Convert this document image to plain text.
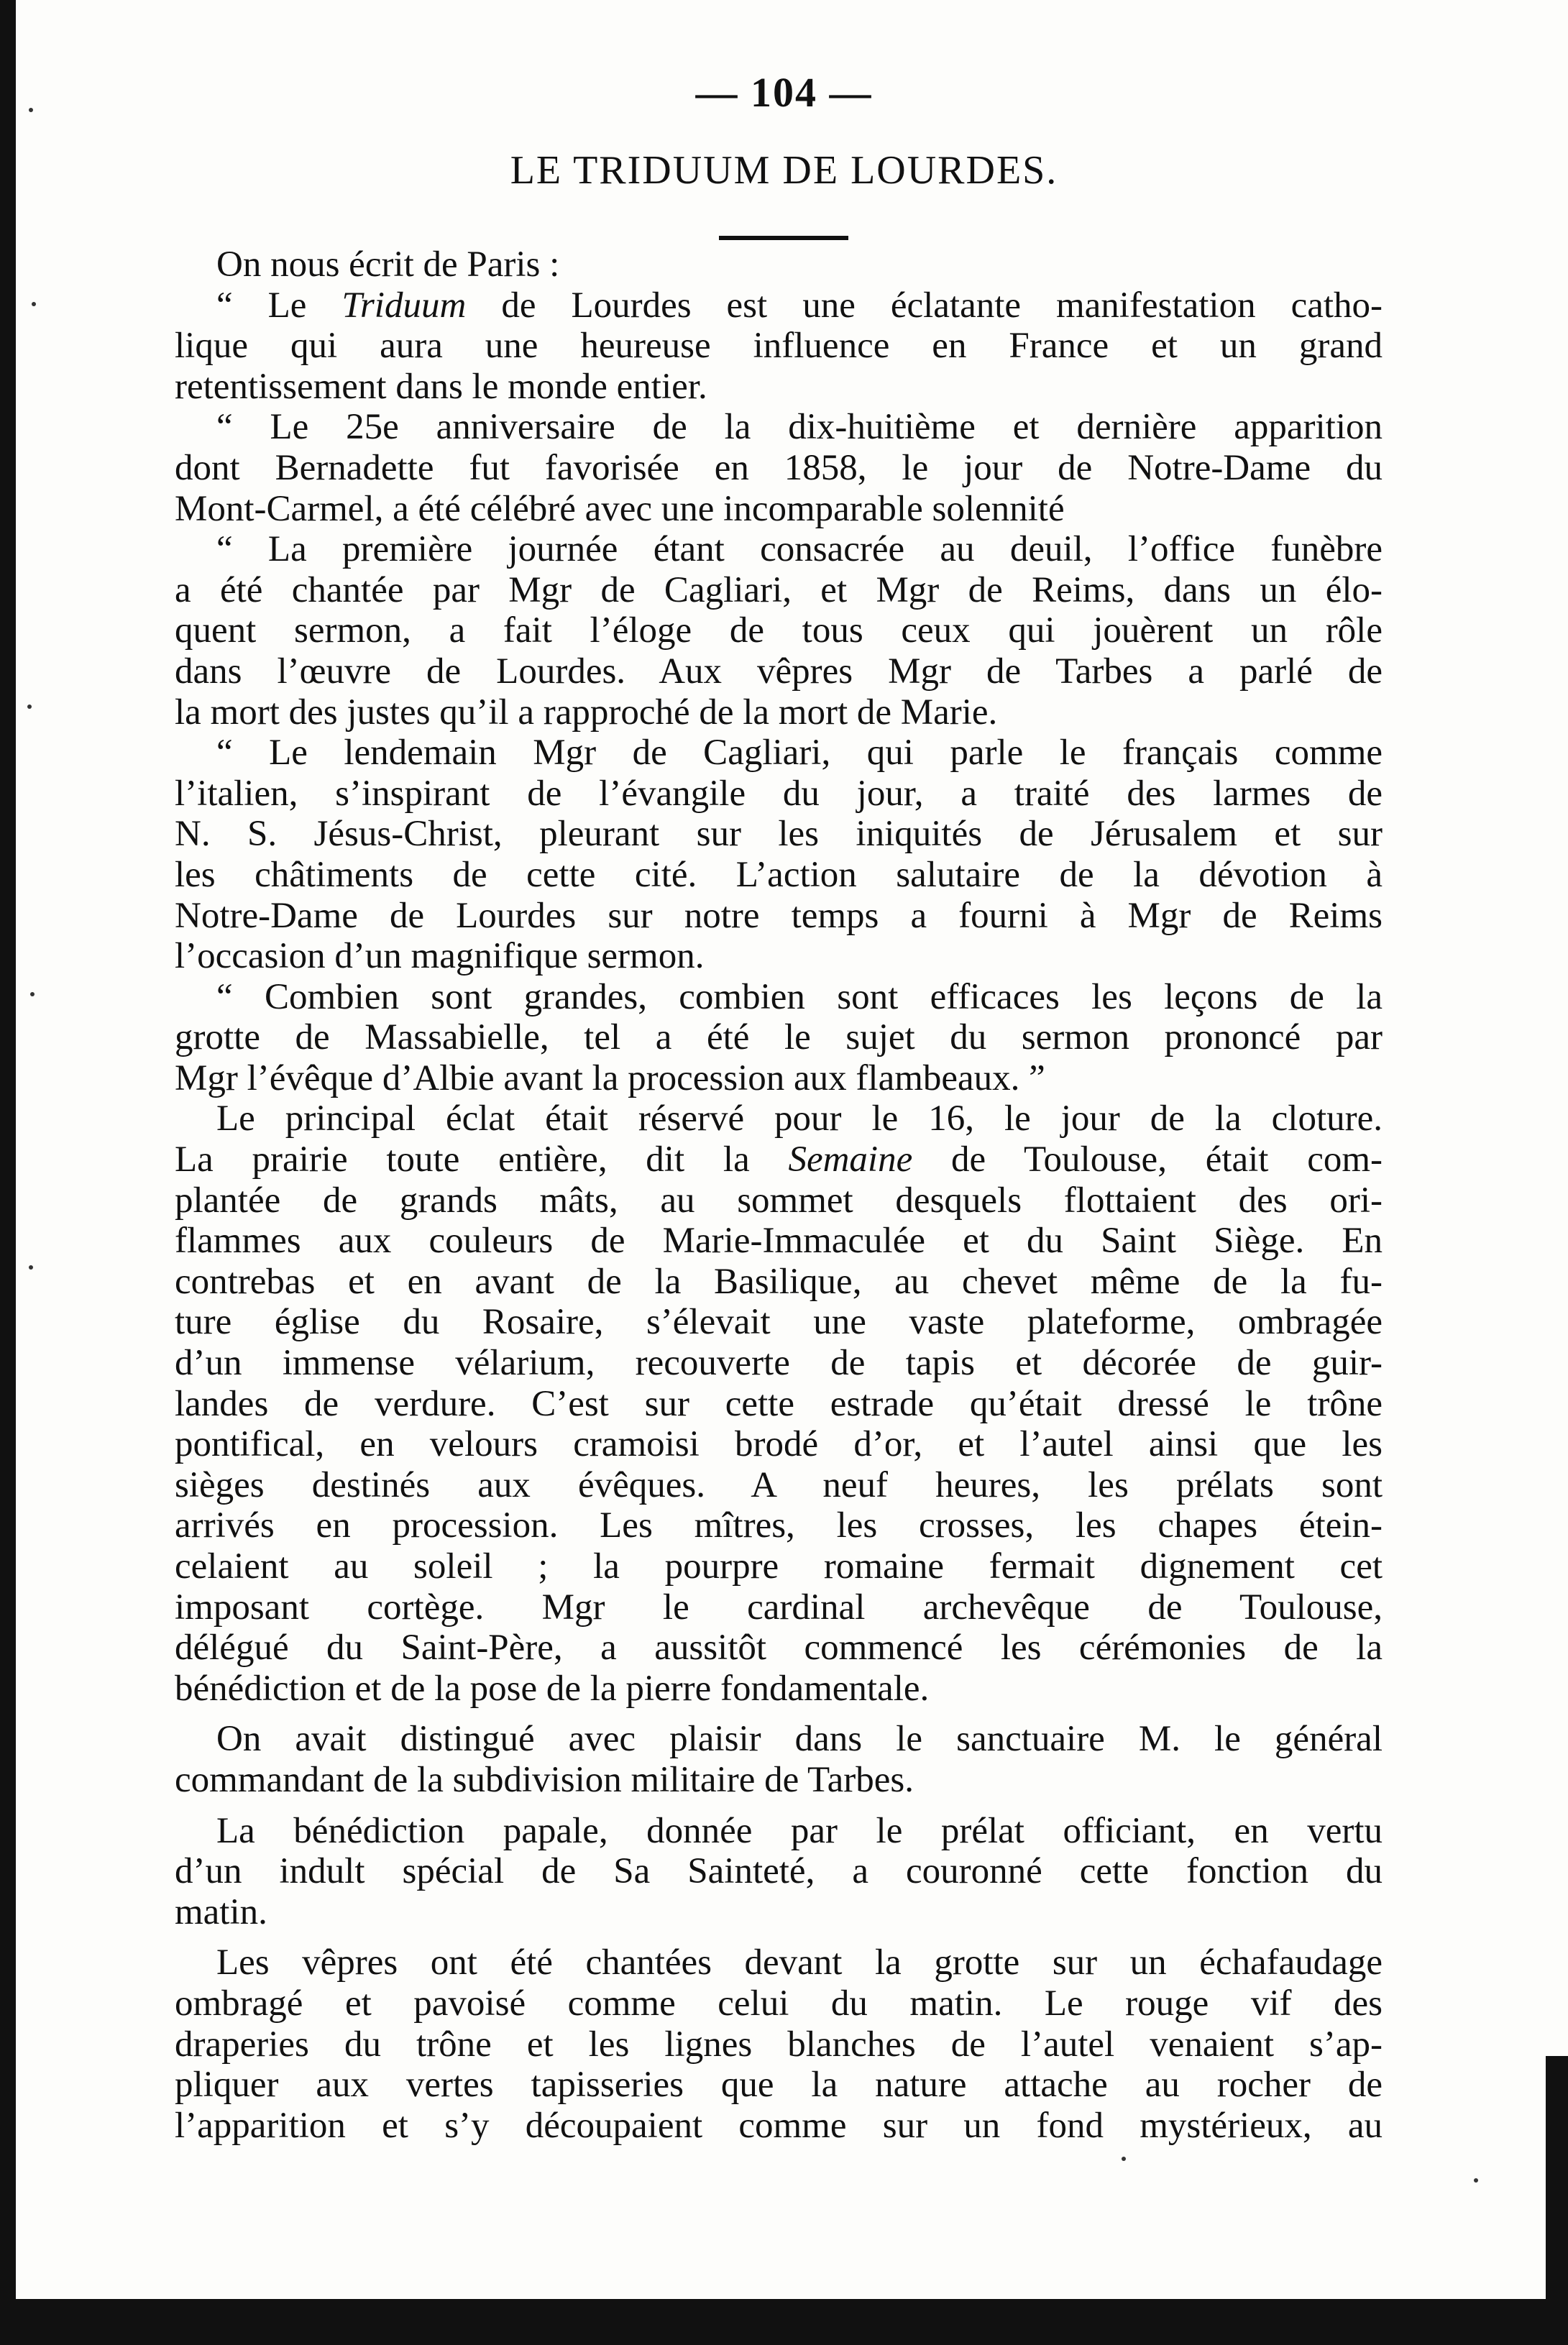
— 104 —
LE TRIDUUM DE LOURDES.

On nous écrit de Paris :

“ Le Triduum de Lourdes est une éclatante manifestation catho-
lique qui aura une heureuse influence en France et un grand
retentissement dans le monde entier.

“ Le 25e anniversaire de la dix-huitième et dernière apparition
dont Bernadette fut favorisée en 1858, le jour de Notre-Dame du
Mont-Carmel, a été célébré avec une incomparable solennité

“ La première journée étant consacrée au deuil, l’office funèbre
a été chantée par Mgr de Cagliari, et Mgr de Reims, dans un élo-
quent sermon, a fait l’éloge de tous ceux qui jouèrent un rôle
dans l’œuvre de Lourdes. Aux vêpres Mgr de Tarbes a parlé de
la mort des justes qu’il a rapproché de la mort de Marie.

“ Le lendemain Mgr de Cagliari, qui parle le français comme
l’italien, s’inspirant de l’évangile du jour, a traité des larmes de
N. S. Jésus-Christ, pleurant sur les iniquités de Jérusalem et sur
les châtiments de cette cité. L’action salutaire de la dévotion à
Notre-Dame de Lourdes sur notre temps a fourni à Mgr de Reims
l’occasion d’un magnifique sermon.

“ Combien sont grandes, combien sont efficaces les leçons de la
grotte de Massabielle, tel a été le sujet du sermon prononcé par
Mgr l’évêque d’Albie avant la procession aux flambeaux. ”

Le principal éclat était réservé pour le 16, le jour de la cloture.
La prairie toute entière, dit la Semaine de Toulouse, était com-
plantée de grands mâts, au sommet desquels flottaient des ori-
flammes aux couleurs de Marie-Immaculée et du Saint Siège. En
contrebas et en avant de la Basilique, au chevet même de la fu-
ture église du Rosaire, s’élevait une vaste plateforme, ombragée
d’un immense vélarium, recouverte de tapis et décorée de guir-
landes de verdure. C’est sur cette estrade qu’était dressé le trône
pontifical, en velours cramoisi brodé d’or, et l’autel ainsi que les
sièges destinés aux évêques. A neuf heures, les prélats sont
arrivés en procession. Les mîtres, les crosses, les chapes étein-
celaient au soleil ; la pourpre romaine fermait dignement cet
imposant cortège. Mgr le cardinal archevêque de Toulouse,
délégué du Saint-Père, a aussitôt commencé les cérémonies de la
bénédiction et de la pose de la pierre fondamentale.

On avait distingué avec plaisir dans le sanctuaire M. le général
commandant de la subdivision militaire de Tarbes.

La bénédiction papale, donnée par le prélat officiant, en vertu
d’un indult spécial de Sa Sainteté, a couronné cette fonction du
matin.

Les vêpres ont été chantées devant la grotte sur un échafaudage
ombragé et pavoisé comme celui du matin. Le rouge vif des
draperies du trône et les lignes blanches de l’autel venaient s’ap-
pliquer aux vertes tapisseries que la nature attache au rocher de
l’apparition et s’y découpaient comme sur un fond mystérieux, au
